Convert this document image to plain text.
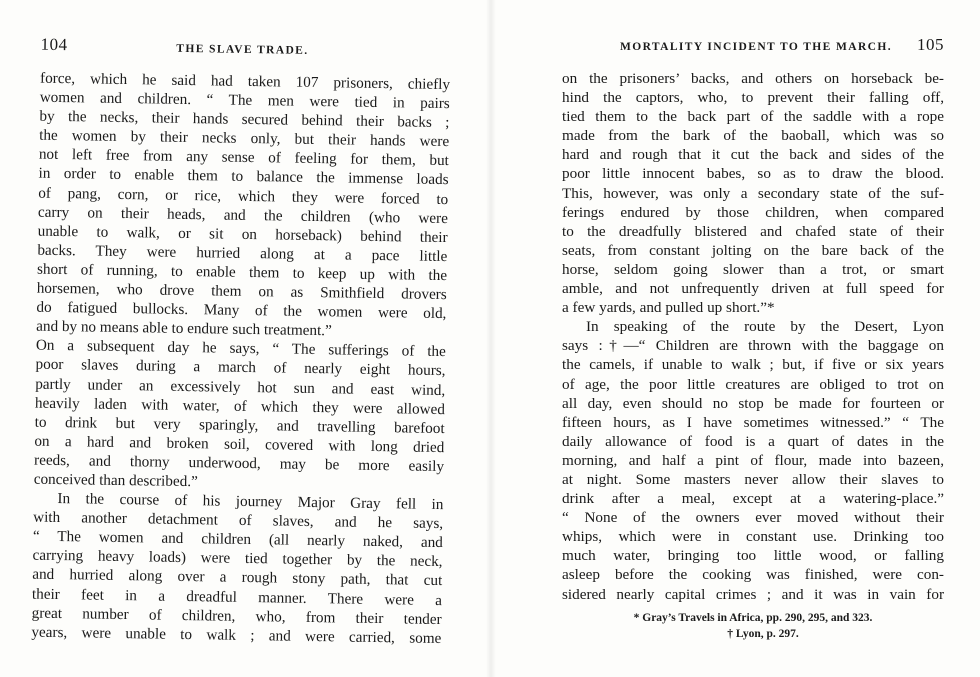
104	THE SLAVE TRADE.
force, which he said had taken 107 prisoners, chiefly
women and children. “ The men were tied in pairs
by the necks, their hands secured behind their backs ;
the women by their necks only, but their hands were
not left free from any sense of feeling for them, but
in order to enable them to balance the immense loads
of pang, corn, or rice, which they were forced to
carry on their heads, and the children (who were
unable to walk, or sit on horseback) behind their
backs. They were hurried along at a pace little
short of running, to enable them to keep up with the
horsemen, who drove them on as Smithfield drovers
do fatigued bullocks. Many of the women were old,
and by no means able to endure such treatment.”
On a subsequent day he says, “ The sufferings of the
poor slaves during a march of nearly eight hours,
partly under an excessively hot sun and east wind,
heavily laden with water, of which they were allowed
to drink but very sparingly, and travelling barefoot
on a hard and broken soil, covered with long dried
reeds, and thorny underwood, may be more easily
conceived than described.”
In the course of his journey Major Gray fell in
with another detachment of slaves, and he says,
“ The women and children (all nearly naked, and
carrying heavy loads) were tied together by the neck,
and hurried along over a rough stony path, that cut
their feet in a dreadful manner. There were a
great number of children, who, from their tender
years, were unable to walk ; and were carried, some
MORTALITY INCIDENT TO THE MARCH. 105
on the prisoners’ backs, and others on horseback be-
hind the captors, who, to prevent their falling off,
tied them to the back part of the saddle with a rope
made from the bark of the baoball, which was so
hard and rough that it cut the back and sides of the
poor little innocent babes, so as to draw the blood.
This, however, was only a secondary state of the suf-
ferings endured by those children, when compared
to the dreadfully blistered and chafed state of their
seats, from constant jolting on the bare back of the
horse, seldom going slower than a trot, or smart
amble, and not unfrequently driven at full speed for
a few yards, and pulled up short.”*
In speaking of the route by the Desert, Lyon
says :†—“ Children are thrown with the baggage on
the camels, if unable to walk ; but, if five or six years
of age, the poor little creatures are obliged to trot on
all day, even should no stop be made for fourteen or
fifteen hours, as I have sometimes witnessed.” “ The
daily allowance of food is a quart of dates in the
morning, and half a pint of flour, made into bazeen,
at night. Some masters never allow their slaves to
drink after a meal, except at a watering-place.”
“ None of the owners ever moved without their
whips, which were in constant use. Drinking too
much water, bringing too little wood, or falling
asleep before the cooking was finished, were con-
sidered nearly capital crimes ; and it was in vain for
* Gray’s Travels in Africa, pp. 290, 295, and 323.
† Lyon, p. 297.
